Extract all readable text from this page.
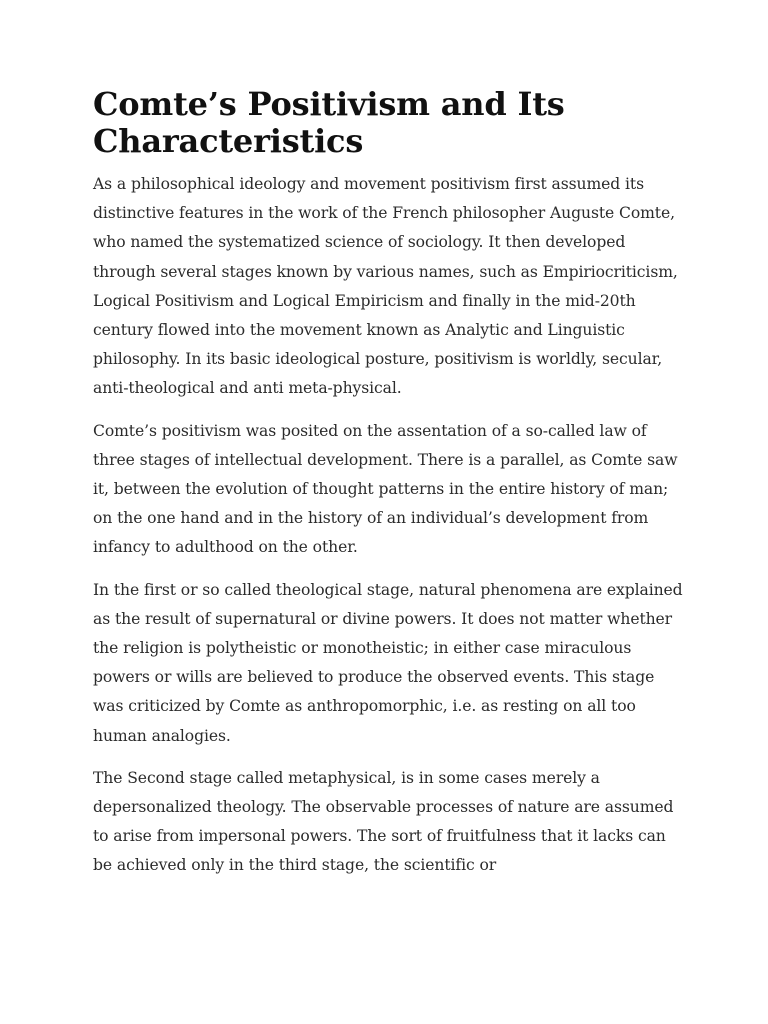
Comte’s Positivism and Its Characteristics

As a philosophical ideology and movement positivism first assumed its distinctive features in the work of the French philosopher Auguste Comte, who named the systematized science of sociology. It then developed through several stages known by various names, such as Empiriocriticism, Logical Positivism and Logical Empiricism and finally in the mid-20th century flowed into the movement known as Analytic and Linguistic philosophy. In its basic ideological posture, positivism is worldly, secular, anti-theological and anti meta-physical.

Comte’s positivism was posited on the assentation of a so-called law of three stages of intellectual development. There is a parallel, as Comte saw it, between the evolution of thought patterns in the entire history of man; on the one hand and in the history of an individual’s development from infancy to adulthood on the other.

In the first or so called theological stage, natural phenomena are explained as the result of supernatural or divine powers. It does not matter whether the religion is polytheistic or monotheistic; in either case miraculous powers or wills are believed to produce the observed events. This stage was criticized by Comte as anthropomorphic, i.e. as resting on all too human analogies.

The Second stage called metaphysical, is in some cases merely a depersonalized theology. The observable processes of nature are assumed to arise from impersonal powers. The sort of fruitfulness that it lacks can be achieved only in the third stage, the scientific or
